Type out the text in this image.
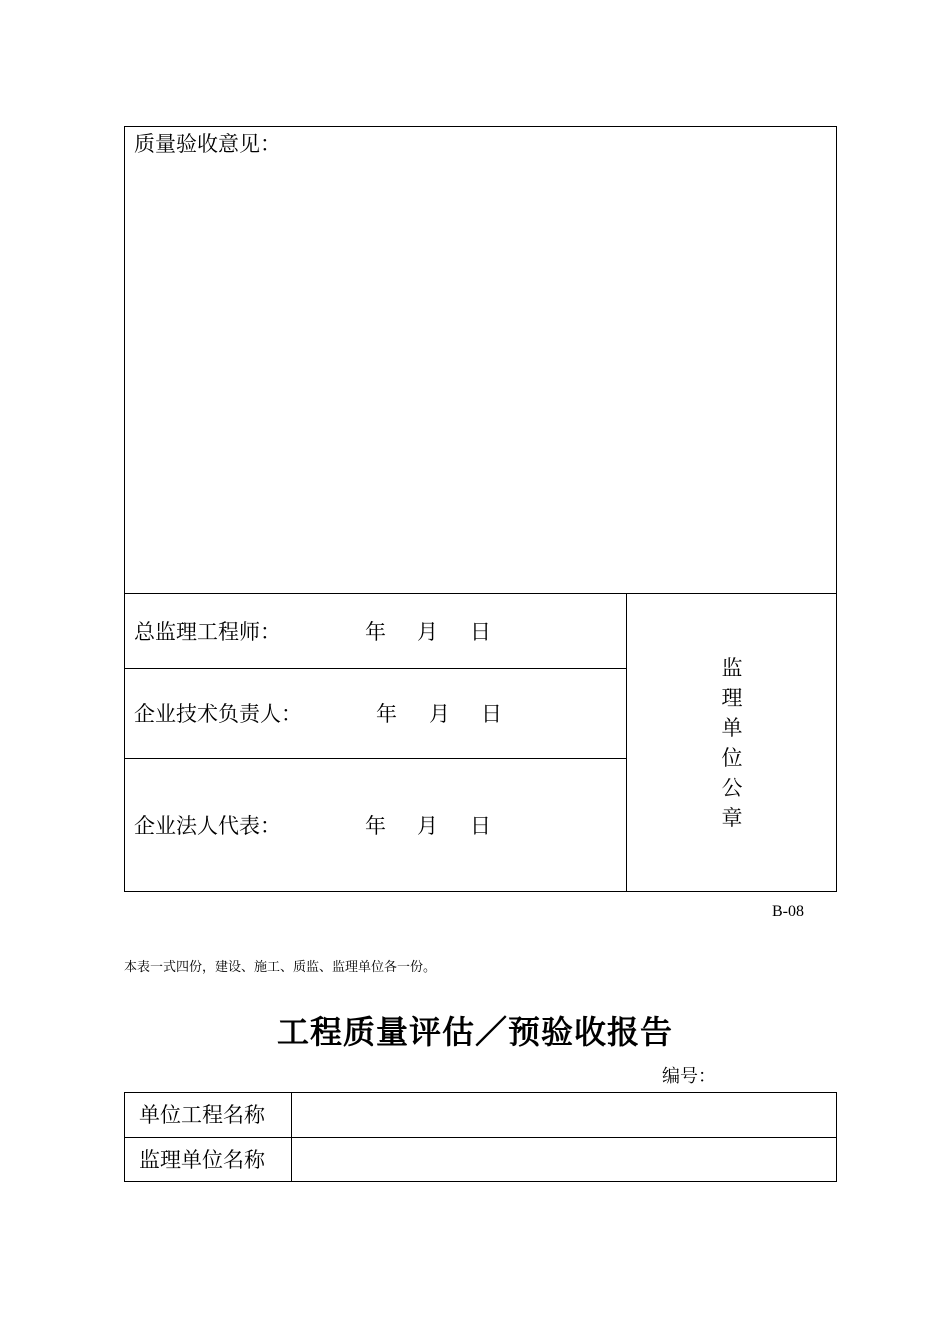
质量验收意见：
总监理工程师：	年 月 日
企业技术负责人：	年 月 日
企业法人代表：	年 月 日
监
理
单
位
公
章
B-08
本表一式四份，建设、施工、质监、监理单位各一份。
工程质量评估／预验收报告
编号：
单位工程名称
监理单位名称
